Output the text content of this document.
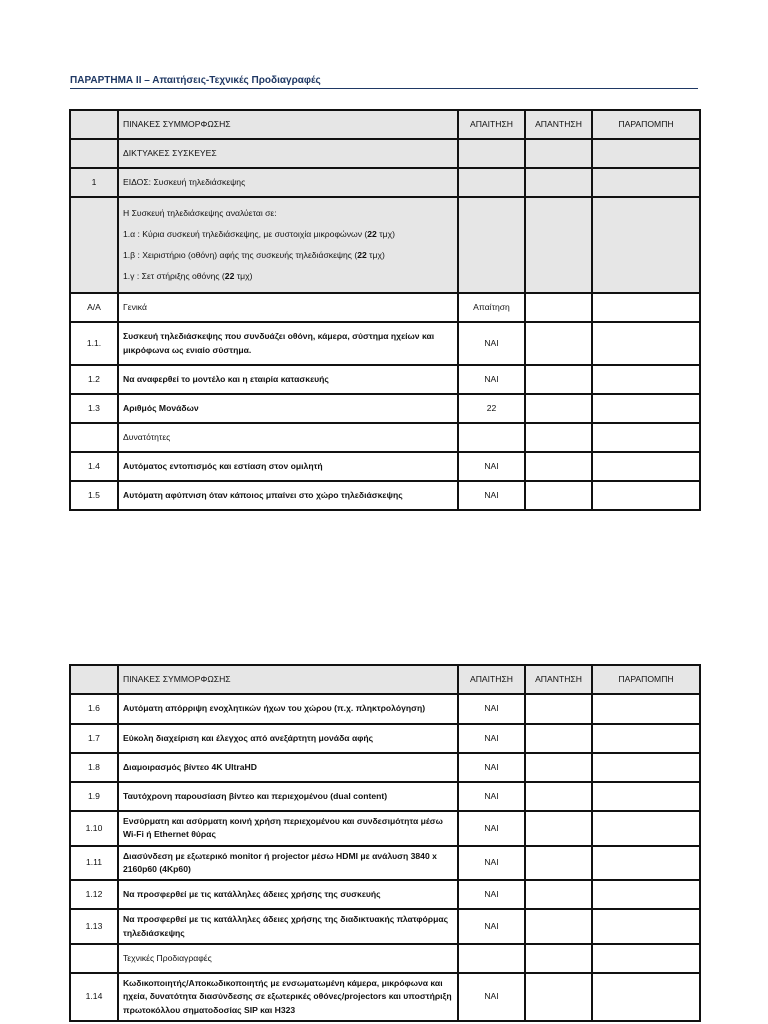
ΠΑΡΑΡΤΗΜΑ ΙΙ – Απαιτήσεις-Τεχνικές Προδιαγραφές
	ΠΙΝΑΚΕΣ ΣΥΜΜΟΡΦΩΣΗΣ	ΑΠΑΙΤΗΣΗ	ΑΠΑΝΤΗΣΗ	ΠΑΡΑΠΟΜΠΗ
	ΔΙΚΤΥΑΚΕΣ ΣΥΣΚΕΥΕΣ			
1	ΕΙΔΟΣ: Συσκευή τηλεδιάσκεψης			

	Η Συσκευή τηλεδιάσκεψης αναλύεται σε:
1.α : Κύρια συσκευή τηλεδιάσκεψης, με συστοιχία μικροφώνων (22 τμχ)
1.β : Χειριστήριο (οθόνη) αφής της συσκευής τηλεδιάσκεψης (22 τμχ)
1.γ : Σετ στήριξης οθόνης (22 τμχ)			

Α/Α	Γενικά	Απαίτηση		
1.1.	Συσκευή τηλεδιάσκεψης που συνδυάζει οθόνη, κάμερα, σύστημα ηχείων και μικρόφωνα ως ενιαίο σύστημα.	ΝΑΙ		
1.2	Να αναφερθεί το μοντέλο και η εταιρία κατασκευής	ΝΑΙ		
1.3	Αριθμός Μονάδων	22		
	Δυνατότητες			
1.4	Αυτόματος εντοπισμός και εστίαση στον ομιλητή	ΝΑΙ		
1.5	Αυτόματη αφύπνιση όταν κάποιος μπαίνει στο χώρο τηλεδιάσκεψης	ΝΑΙ		
	ΠΙΝΑΚΕΣ ΣΥΜΜΟΡΦΩΣΗΣ	ΑΠΑΙΤΗΣΗ	ΑΠΑΝΤΗΣΗ	ΠΑΡΑΠΟΜΠΗ
1.6	Αυτόματη απόρριψη ενοχλητικών ήχων του χώρου (π.χ. πληκτρολόγηση)	ΝΑΙ		
1.7	Εύκολη διαχείριση και έλεγχος από ανεξάρτητη μονάδα αφής	ΝΑΙ		
1.8	Διαμοιρασμός βίντεο 4K UltraHD	ΝΑΙ		
1.9	Ταυτόχρονη παρουσίαση βίντεο και περιεχομένου (dual content)	ΝΑΙ		
1.10	Ενσύρματη και ασύρματη κοινή χρήση περιεχομένου και συνδεσιμότητα μέσω Wi-Fi ή Ethernet θύρας	ΝΑΙ		
1.11	Διασύνδεση με εξωτερικό monitor ή projector μέσω HDMI με ανάλυση 3840 x 2160p60 (4Kp60)	ΝΑΙ		
1.12	Να προσφερθεί με τις κατάλληλες άδειες χρήσης της συσκευής	ΝΑΙ		
1.13	Να προσφερθεί με τις κατάλληλες άδειες χρήσης της διαδικτυακής πλατφόρμας τηλεδιάσκεψης	ΝΑΙ		
	Τεχνικές Προδιαγραφές			
1.14	Κωδικοποιητής/Αποκωδικοποιητής με ενσωματωμένη κάμερα, μικρόφωνα και ηχεία, δυνατότητα διασύνδεσης σε εξωτερικές οθόνες/projectors και υποστήριξη πρωτοκόλλου σηματοδοσίας SIP και H323	ΝΑΙ		
